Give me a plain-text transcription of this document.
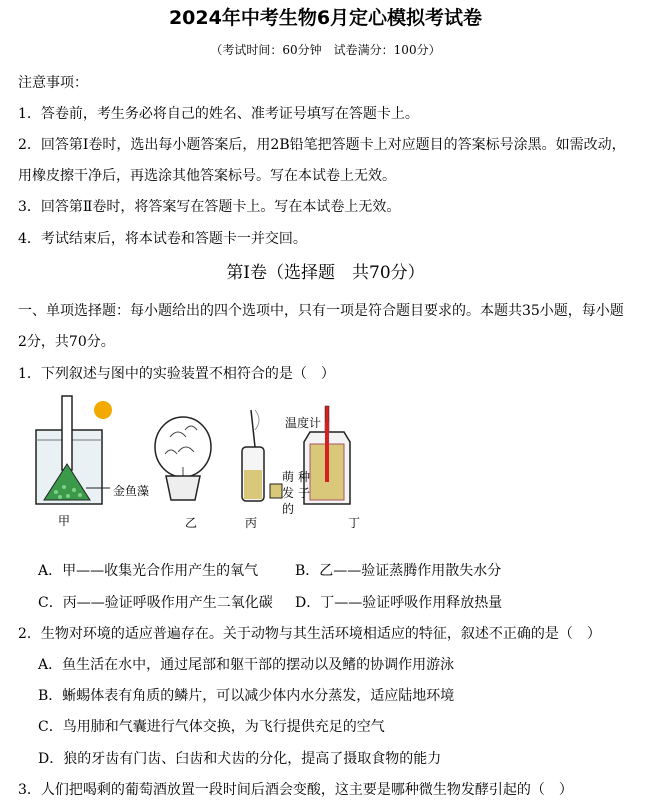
2024年中考生物6月定心模拟考试卷
（考试时间：60分钟　试卷满分：100分）
注意事项：
1．答卷前，考生务必将自己的姓名、准考证号填写在答题卡上。
2．回答第Ⅰ卷时，选出每小题答案后，用2B铅笔把答题卡上对应题目的答案标号涂黑。如需改动，
用橡皮擦干净后，再选涂其他答案标号。写在本试卷上无效。
3．回答第Ⅱ卷时，将答案写在答题卡上。写在本试卷上无效。
4．考试结束后，将本试卷和答题卡一并交回。
第Ⅰ卷（选择题　共70分）
一、单项选择题：每小题给出的四个选项中，只有一项是符合题目要求的。本题共35小题，每小题
2分，共70分。
1．下列叙述与图中的实验装置不相符合的是（　）
金鱼藻
甲	乙	丙	丁
温度计
萌 种
发 子
的
A．甲——收集光合作用产生的氧气	B．乙——验证蒸腾作用散失水分
C．丙——验证呼吸作用产生二氧化碳 D．丁——验证呼吸作用释放热量
2．生物对环境的适应普遍存在。关于动物与其生活环境相适应的特征，叙述不正确的是（　）
A．鱼生活在水中，通过尾部和躯干部的摆动以及鳍的协调作用游泳
B．蜥蜴体表有角质的鳞片，可以减少体内水分蒸发，适应陆地环境
C．鸟用肺和气囊进行气体交换，为飞行提供充足的空气
D．狼的牙齿有门齿、臼齿和犬齿的分化，提高了摄取食物的能力
3．人们把喝剩的葡萄酒放置一段时间后酒会变酸，这主要是哪种微生物发酵引起的（　）
